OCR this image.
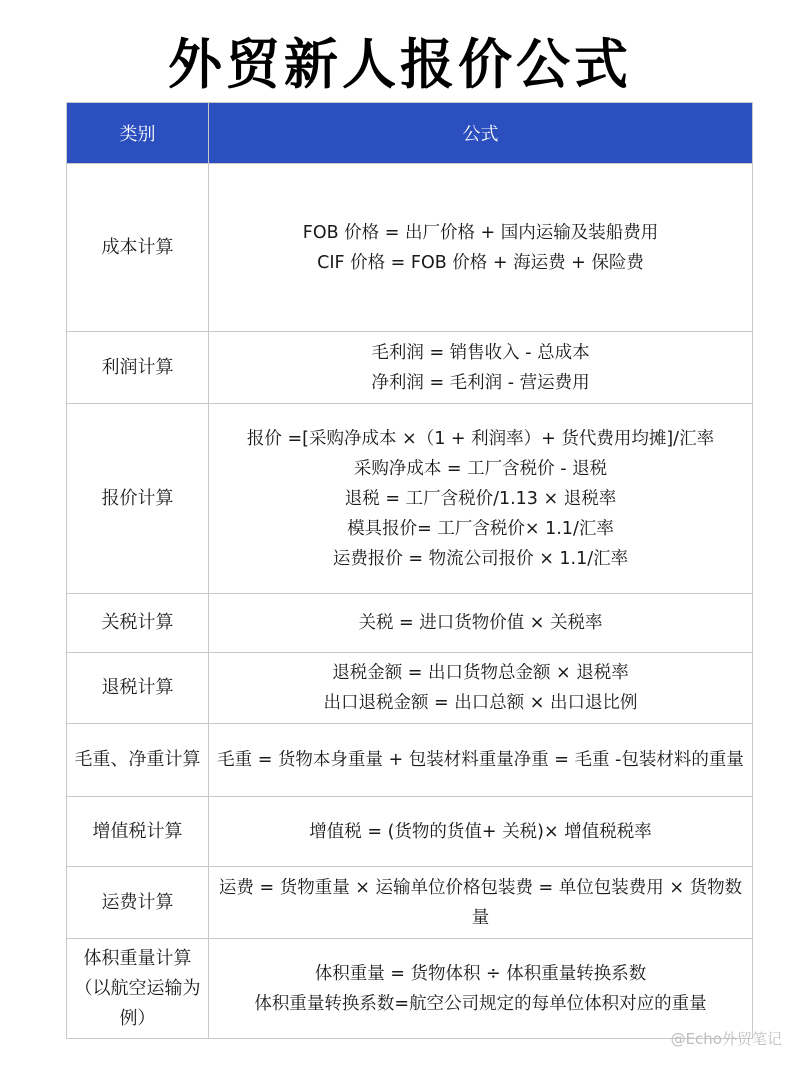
外贸新人报价公式
类别	公式
成本计算	FOB 价格 = 出厂价格 + 国内运输及装船费用
CIF 价格 = FOB 价格 + 海运费 + 保险费

利润计算	毛利润 = 销售收入 - 总成本
净利润 = 毛利润 - 营运费用

报价计算	报价 =[采购净成本 ×（1 + 利润率）+ 货代费用均摊]/汇率
采购净成本 = 工厂含税价 - 退税
退税 = 工厂含税价/1.13 × 退税率
模具报价= 工厂含税价× 1.1/汇率
运费报价 = 物流公司报价 × 1.1/汇率

关税计算	关税 = 进口货物价值 × 关税率

退税计算	退税金额 = 出口货物总金额 × 退税率
出口退税金额 = 出口总额 × 出口退比例

毛重、净重计算	毛重 = 货物本身重量 + 包装材料重量净重 = 毛重 -包装材料的重量
增值税计算	增值税 = (货物的货值+ 关税)× 增值税税率

运费计算	运费 = 货物重量 × 运输单位价格包装费 = 单位包装费用 × 货物数量
体积重量计算（以航空运输为例）	体积重量 = 货物体积 ÷ 体积重量转换系数
体积重量转换系数=航空公司规定的每单位体积对应的重量
@Echo外贸笔记
